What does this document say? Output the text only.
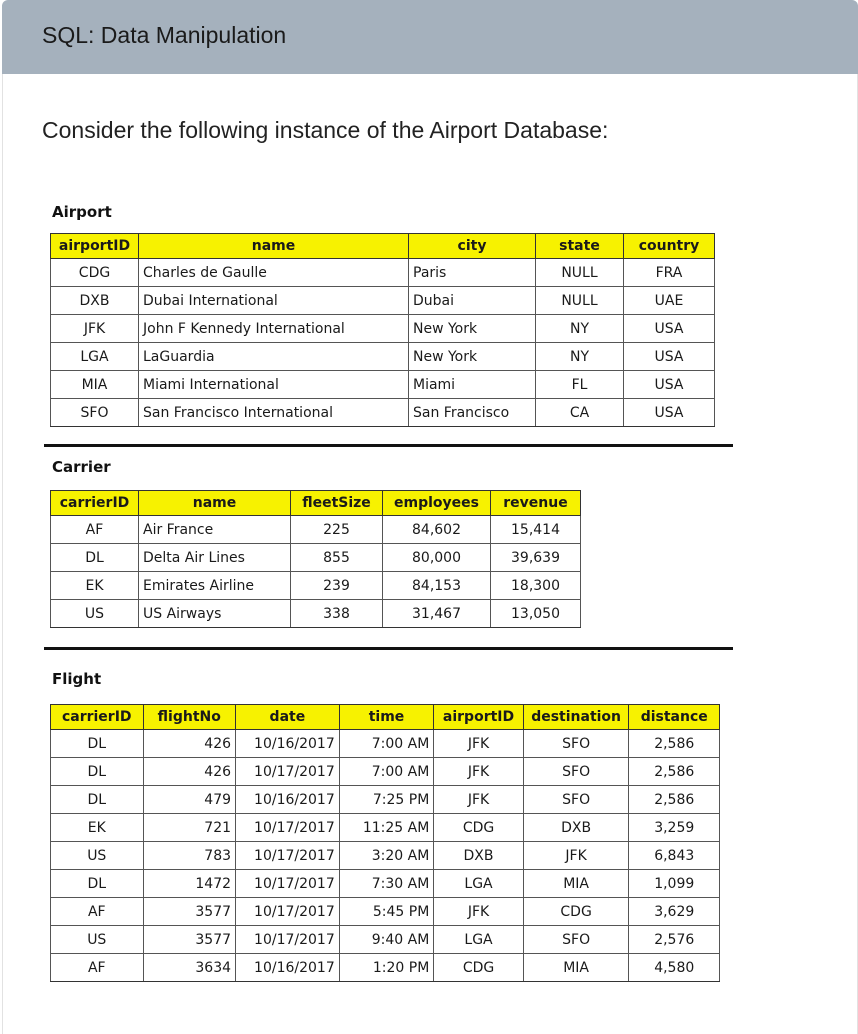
SQL: Data Manipulation
Consider the following instance of the Airport Database:
Airport
airportID	name	city	state	country
CDG	Charles de Gaulle	Paris	NULL	FRA
DXB	Dubai International	Dubai	NULL	UAE
JFK	John F Kennedy International	New York	NY	USA
LGA	LaGuardia	New York	NY	USA
MIA	Miami International	Miami	FL	USA
SFO	San Francisco International	San Francisco	CA	USA
Carrier
carrierID	name	fleetSize	employees	revenue
AF	Air France	225	84,602	15,414
DL	Delta Air Lines	855	80,000	39,639
EK	Emirates Airline	239	84,153	18,300
US	US Airways	338	31,467	13,050
Flight
carrierID	flightNo	date	time	airportID	destination	distance
DL	426	10/16/2017	7:00 AM	JFK	SFO	2,586
DL	426	10/17/2017	7:00 AM	JFK	SFO	2,586
DL	479	10/16/2017	7:25 PM	JFK	SFO	2,586
EK	721	10/17/2017	11:25 AM	CDG	DXB	3,259
US	783	10/17/2017	3:20 AM	DXB	JFK	6,843
DL	1472	10/17/2017	7:30 AM	LGA	MIA	1,099
AF	3577	10/17/2017	5:45 PM	JFK	CDG	3,629
US	3577	10/17/2017	9:40 AM	LGA	SFO	2,576
AF	3634	10/16/2017	1:20 PM	CDG	MIA	4,580
